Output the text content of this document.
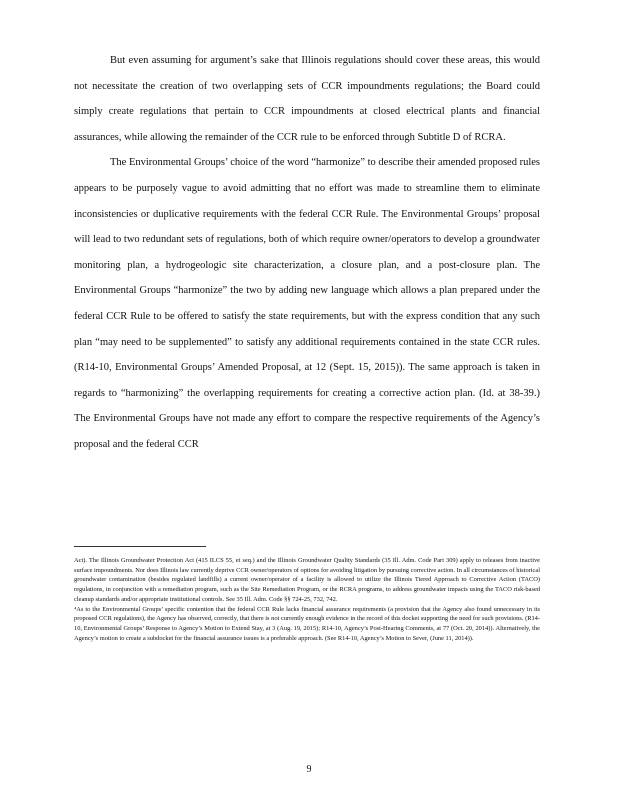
But even assuming for argument’s sake that Illinois regulations should cover these areas, this would not necessitate the creation of two overlapping sets of CCR impoundments regulations; the Board could simply create regulations that pertain to CCR impoundments at closed electrical plants and financial assurances, while allowing the remainder of the CCR rule to be enforced through Subtitle D of RCRA.

The Environmental Groups’ choice of the word “harmonize” to describe their amended proposed rules appears to be purposely vague to avoid admitting that no effort was made to streamline them to eliminate inconsistencies or duplicative requirements with the federal CCR Rule. The Environmental Groups’ proposal will lead to two redundant sets of regulations, both of which require owner/operators to develop a groundwater monitoring plan, a hydrogeologic site characterization, a closure plan, and a post-closure plan. The Environmental Groups “harmonize” the two by adding new language which allows a plan prepared under the federal CCR Rule to be offered to satisfy the state requirements, but with the express condition that any such plan “may need to be supplemented” to satisfy any additional requirements contained in the state CCR rules. (R14-10, Environmental Groups’ Amended Proposal, at 12 (Sept. 15, 2015)). The same approach is taken in regards to “harmonizing” the overlapping requirements for creating a corrective action plan. (Id. at 38-39.) The Environmental Groups have not made any effort to compare the respective requirements of the Agency’s proposal and the federal CCR

Act). The Illinois Groundwater Protection Act (415 ILCS 55, et seq.) and the Illinois Groundwater Quality Standards (35 Ill. Adm. Code Part 309) apply to releases from inactive surface impoundments. Nor does Illinois law currently deprive CCR owner/operators of options for avoiding litigation by pursuing corrective action. In all circumstances of historical groundwater contamination (besides regulated landfills) a current owner/operator of a facility is allowed to utilize the Illinois Tiered Approach to Corrective Action (TACO) regulations, in conjunction with a remediation program, such as the Site Remediation Program, or the RCRA programs, to address groundwater impacts using the TACO risk-based cleanup standards and/or appropriate institutional controls. See 35 Ill. Adm. Code §§ 724-25, 732, 742.

⁴As to the Environmental Groups’ specific contention that the federal CCR Rule lacks financial assurance requirements (a provision that the Agency also found unnecessary in its proposed CCR regulations), the Agency has observed, correctly, that there is not currently enough evidence in the record of this docket supporting the need for such provisions. (R14-10, Environmental Groups’ Response to Agency’s Motion to Extend Stay, at 3 (Aug. 19, 2015); R14-10, Agency’s Post-Hearing Comments, at 77 (Oct. 20, 2014)). Alternatively, the Agency’s motion to create a subdocket for the financial assurance issues is a preferable approach. (See R14-10, Agency’s Motion to Sever, (June 11, 2014)).

9
